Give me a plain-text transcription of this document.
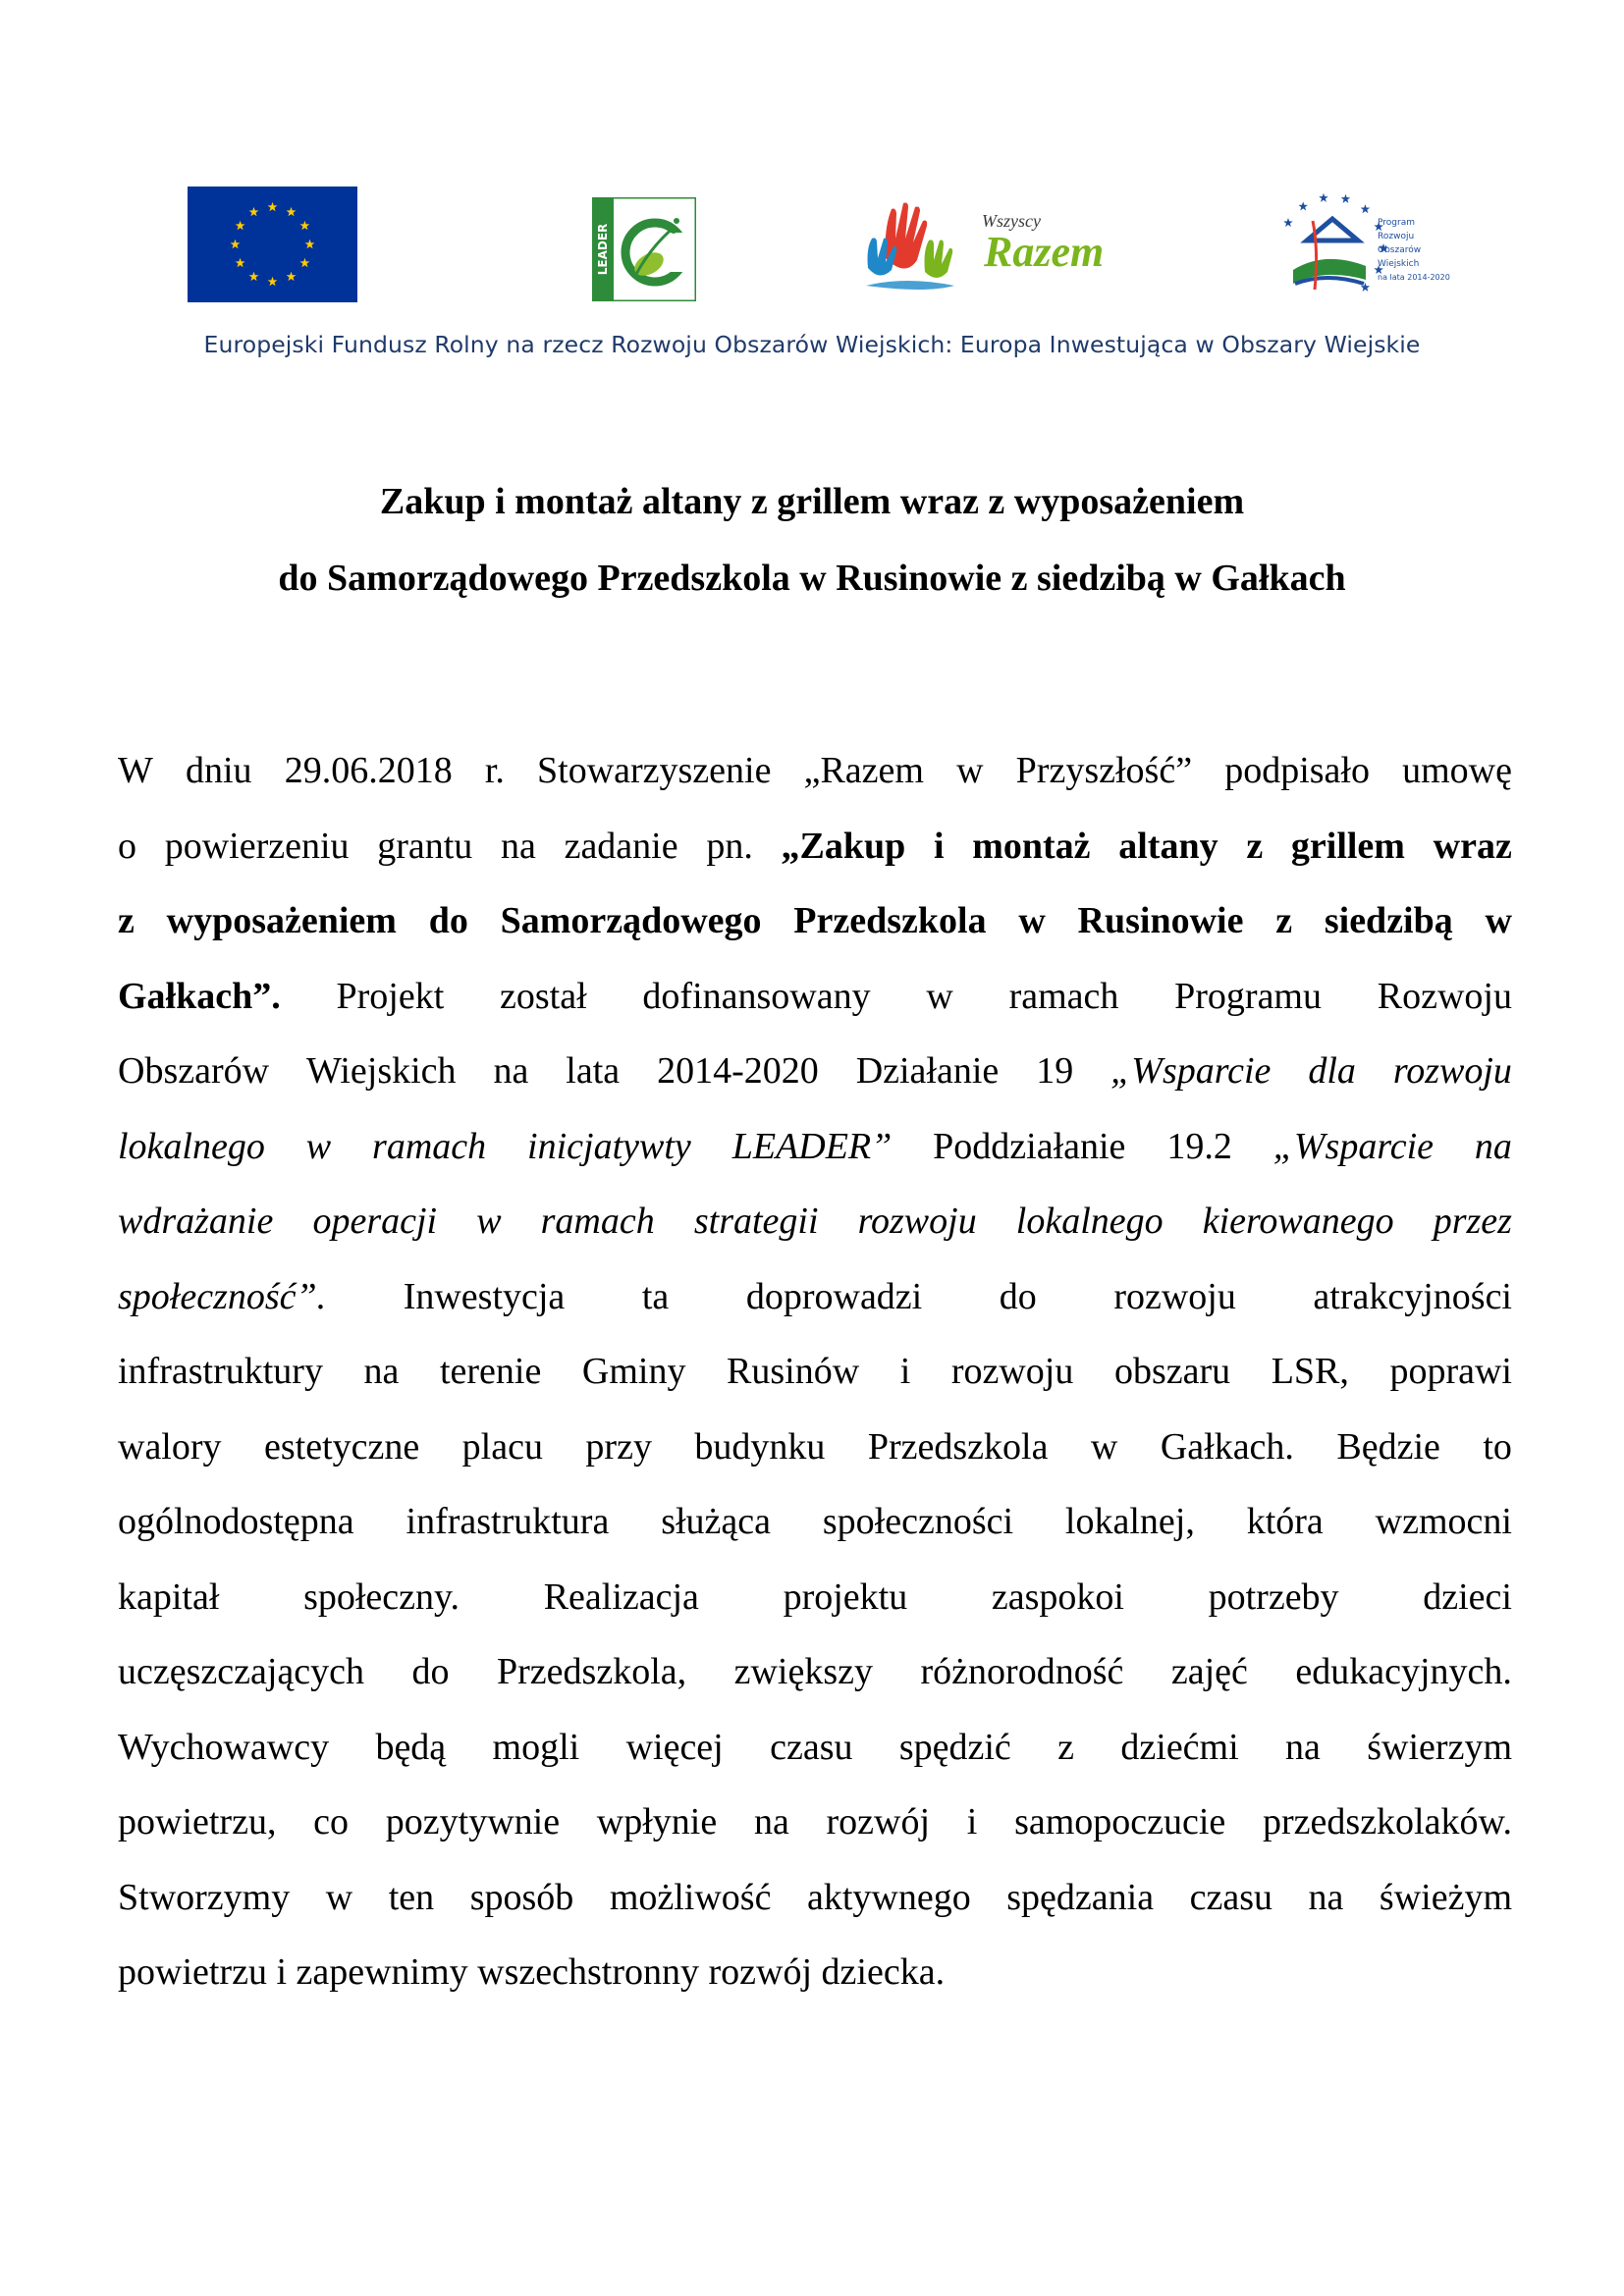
LEADER
Wszyscy
Razem
Program
Rozwoju
Obszarów
Wiejskich
na lata 2014-2020
Europejski Fundusz Rolny na rzecz Rozwoju Obszarów Wiejskich: Europa Inwestująca w Obszary Wiejskie
Zakup i montaż altany z grillem wraz z wyposażeniem
do Samorządowego Przedszkola w Rusinowie z siedzibą w Gałkach
W dniu 29.06.2018 r. Stowarzyszenie „Razem w Przyszłość” podpisało umowę
o powierzeniu grantu na zadanie pn. „Zakup i montaż altany z grillem wraz
z wyposażeniem do Samorządowego Przedszkola w Rusinowie z siedzibą w
Gałkach”. Projekt został dofinansowany w ramach Programu Rozwoju
Obszarów Wiejskich na lata 2014-2020 Działanie 19 „Wsparcie dla rozwoju
lokalnego w ramach inicjatywty LEADER” Poddziałanie 19.2 „Wsparcie na
wdrażanie operacji w ramach strategii rozwoju lokalnego kierowanego przez
społeczność”. Inwestycja ta doprowadzi do rozwoju atrakcyjności
infrastruktury na terenie Gminy Rusinów i rozwoju obszaru LSR, poprawi
walory estetyczne placu przy budynku Przedszkola w Gałkach. Będzie to
ogólnodostępna infrastruktura służąca społeczności lokalnej, która wzmocni
kapitał społeczny. Realizacja projektu zaspokoi potrzeby dzieci
uczęszczających do Przedszkola, zwiększy różnorodność zajęć edukacyjnych.
Wychowawcy będą mogli więcej czasu spędzić z dziećmi na świerzym
powietrzu, co pozytywnie wpłynie na rozwój i samopoczucie przedszkolaków.
Stworzymy w ten sposób możliwość aktywnego spędzania czasu na świeżym
powietrzu i zapewnimy wszechstronny rozwój dziecka.
